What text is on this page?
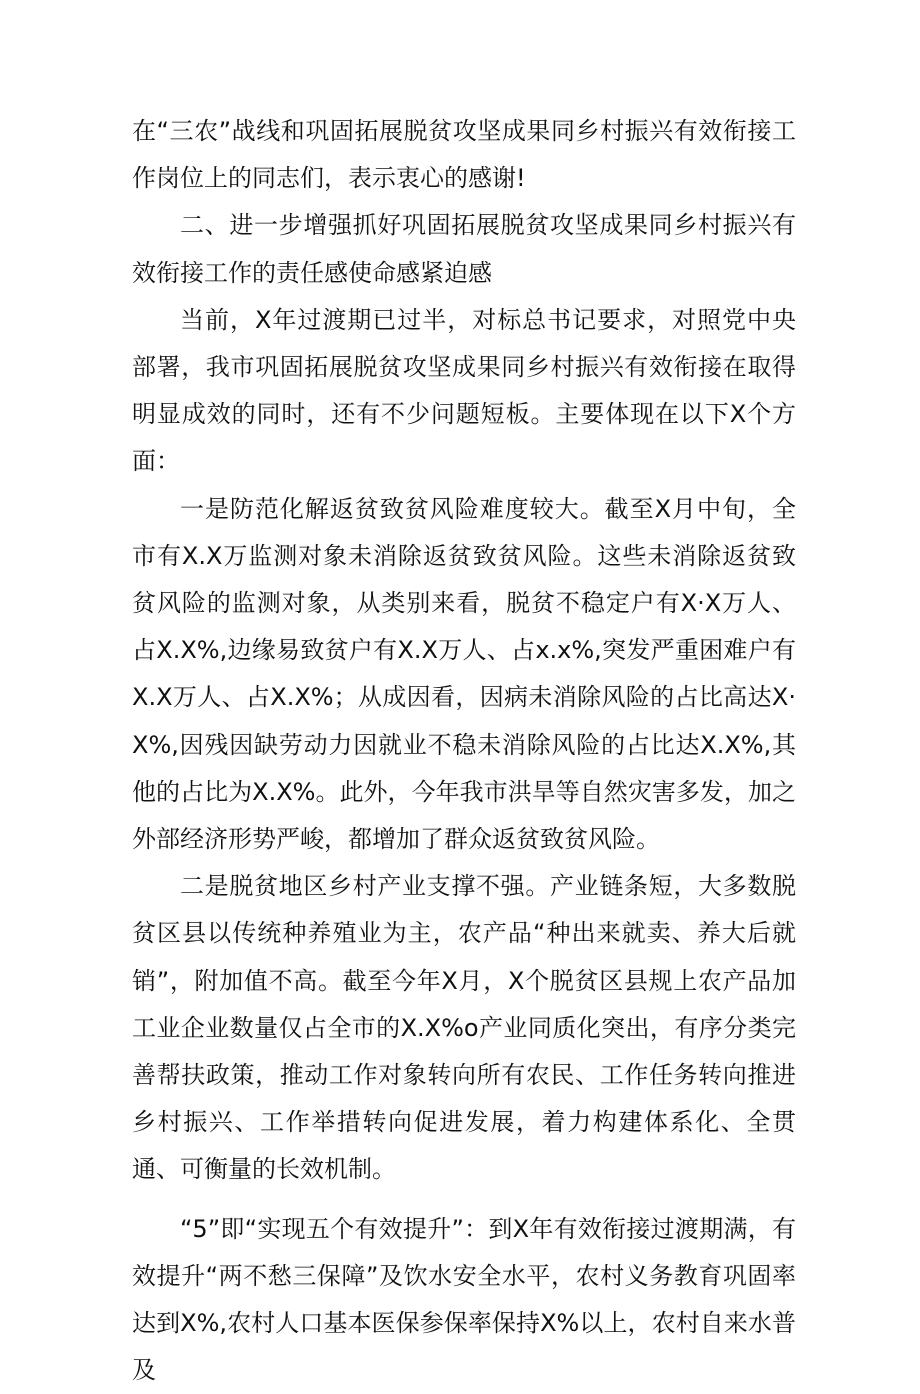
在“三农”战线和巩固拓展脱贫攻坚成果同乡村振兴有效衔接工作岗位上的同志们，表示衷心的感谢!

二、进一步增强抓好巩固拓展脱贫攻坚成果同乡村振兴有效衔接工作的责任感使命感紧迫感

当前，X年过渡期已过半，对标总书记要求，对照党中央部署，我市巩固拓展脱贫攻坚成果同乡村振兴有效衔接在取得明显成效的同时，还有不少问题短板。主要体现在以下X个方面：

一是防范化解返贫致贫风险难度较大。截至X月中旬，全市有X.X万监测对象未消除返贫致贫风险。这些未消除返贫致贫风险的监测对象，从类别来看，脱贫不稳定户有X·X万人、占X.X%,边缘易致贫户有X.X万人、占x.x%,突发严重困难户有X.X万人、占X.X%；从成因看，因病未消除风险的占比高达X·X%,因残因缺劳动力因就业不稳未消除风险的占比达X.X%,其他的占比为X.X%。此外，今年我市洪旱等自然灾害多发，加之外部经济形势严峻，都增加了群众返贫致贫风险。

二是脱贫地区乡村产业支撑不强。产业链条短，大多数脱贫区县以传统种养殖业为主，农产品“种出来就卖、养大后就销”，附加值不高。截至今年X月，X个脱贫区县规上农产品加工业企业数量仅占全市的X.X%o产业同质化突出，有序分类完善帮扶政策，推动工作对象转向所有农民、工作任务转向推进乡村振兴、工作举措转向促进发展，着力构建体系化、全贯通、可衡量的长效机制。

“5”即“实现五个有效提升”：到X年有效衔接过渡期满，有效提升“两不愁三保障”及饮水安全水平，农村义务教育巩固率达到X%,农村人口基本医保参保率保持X%以上，农村自来水普及
